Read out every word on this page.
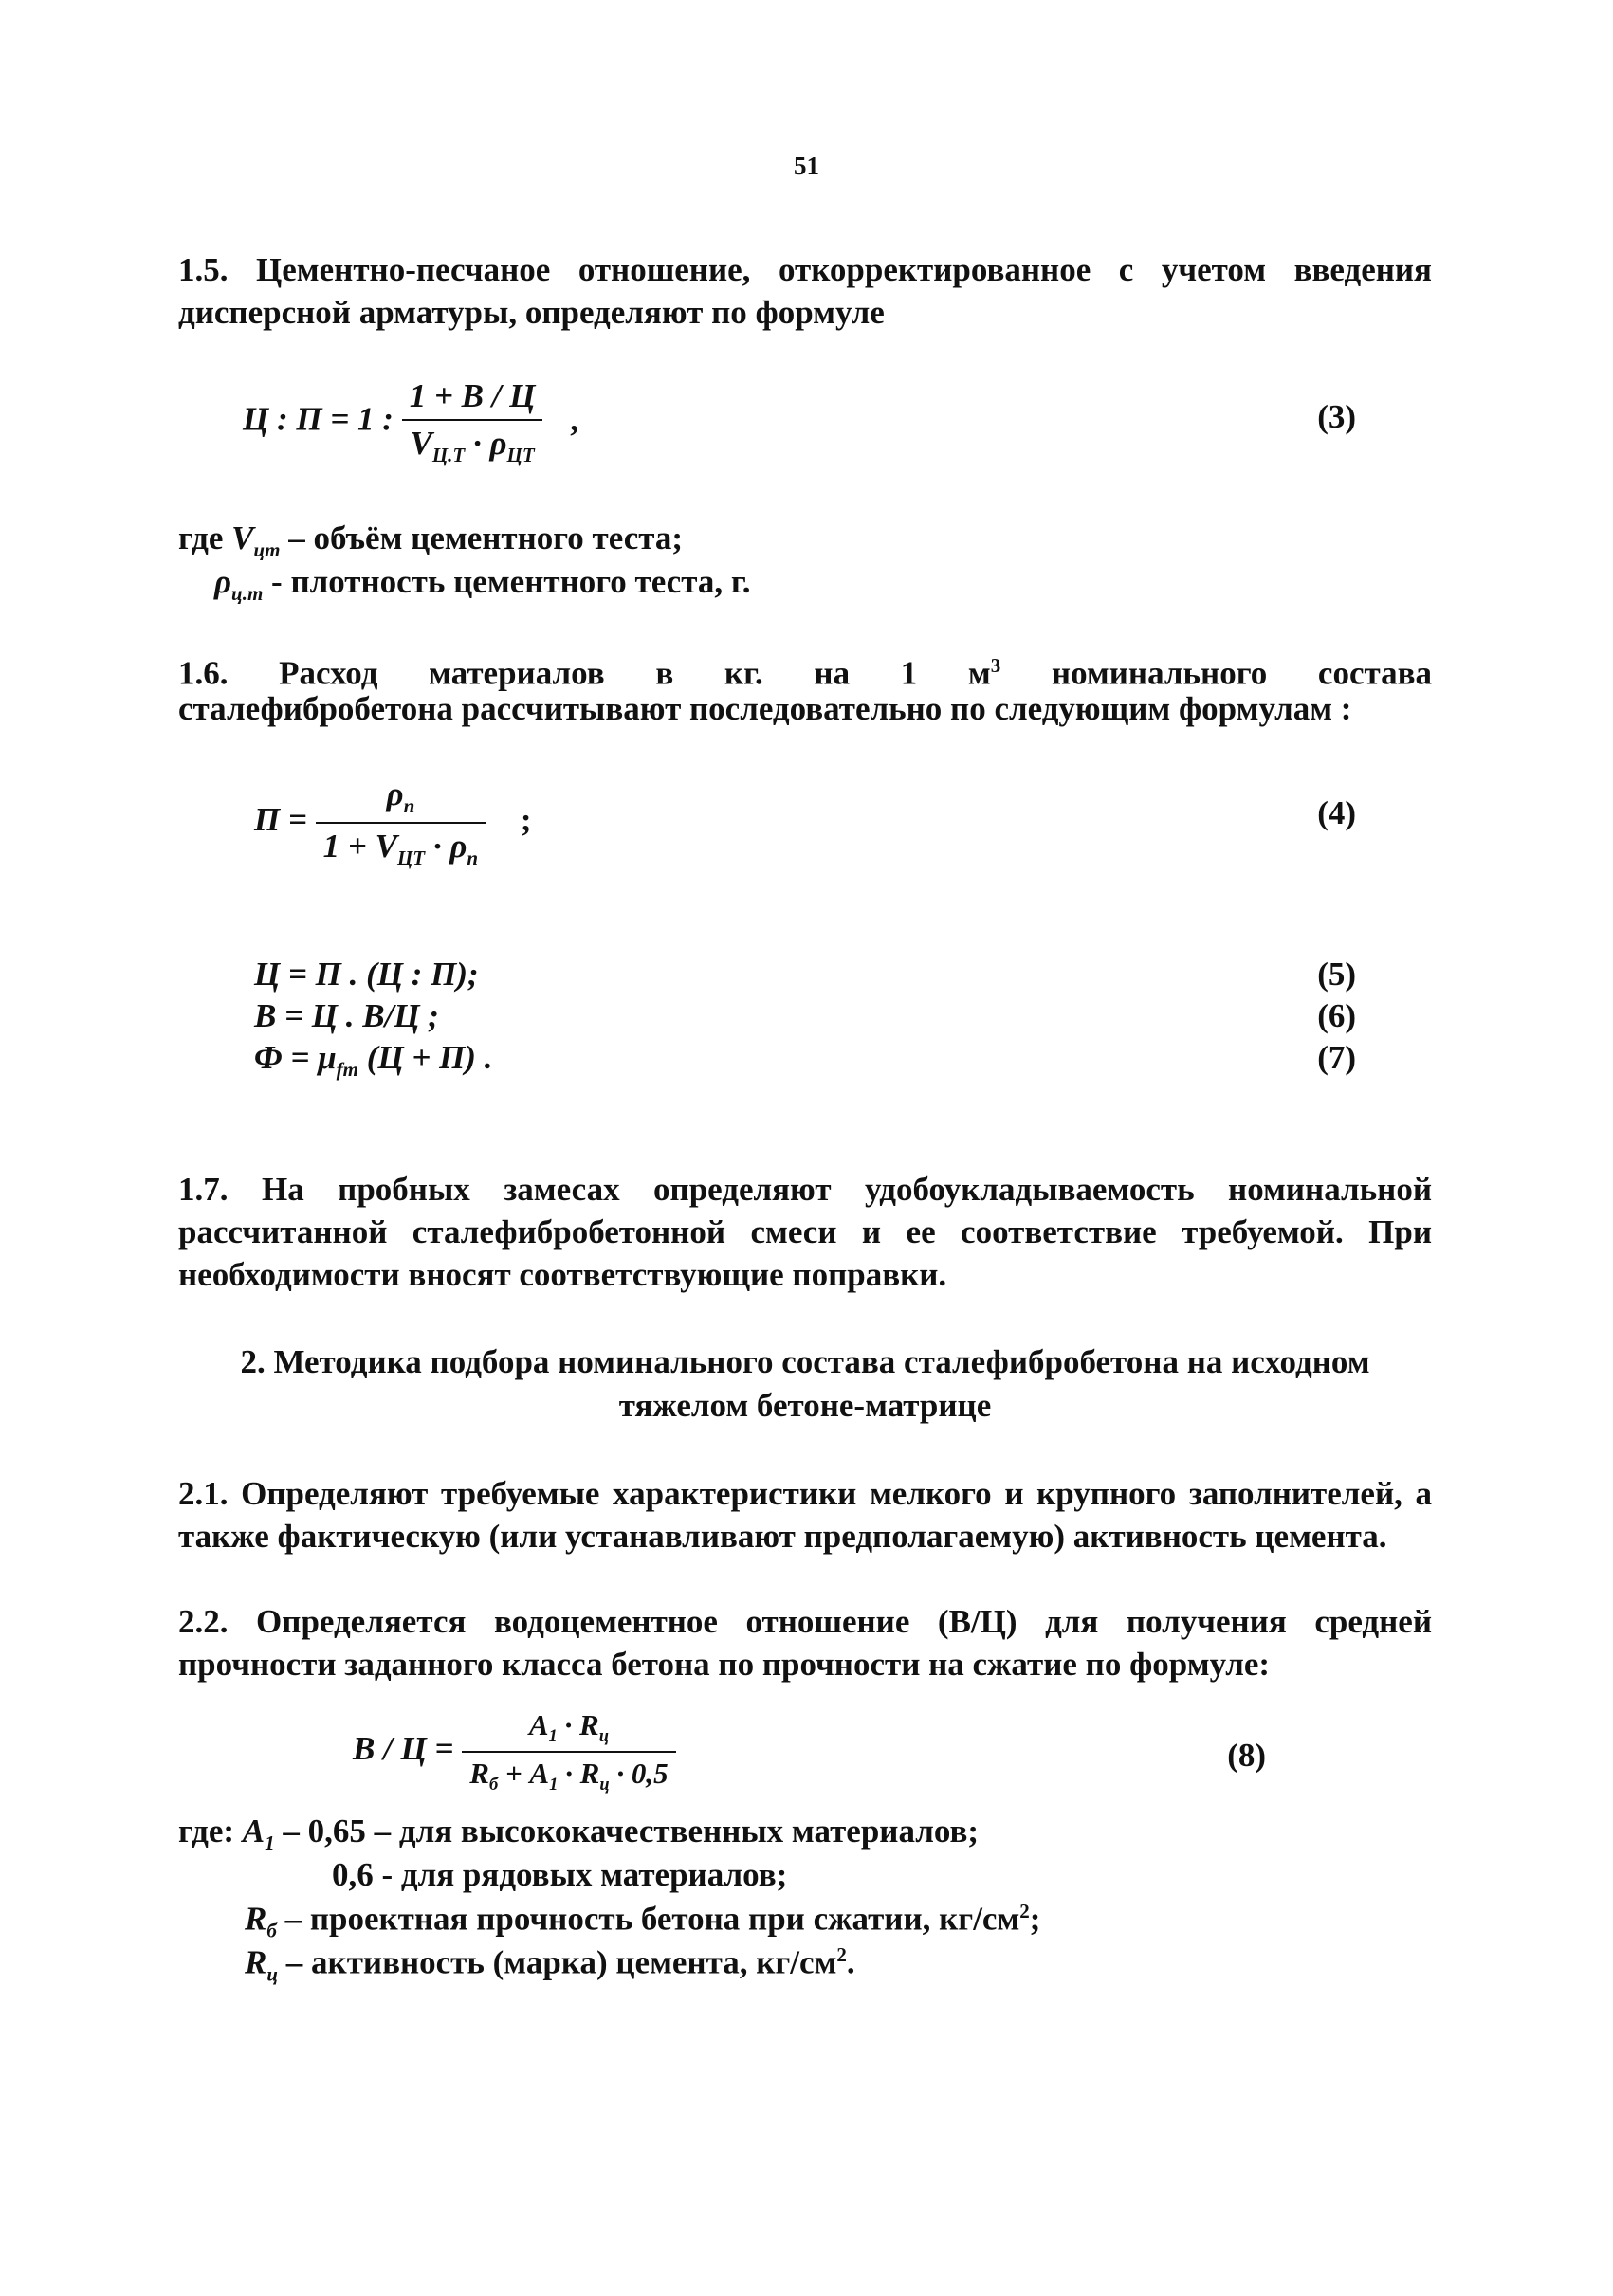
51
1.5. Цементно-песчаное отношение, откорректированное с учетом введения дисперсной арматуры, определяют по формуле
Ц : П = 1 : $\frac{1 + В / Ц}{V_{Ц.Т} \cdot \rho_{ЦТ}}$ ,	(3)
где $V_{цт}$ – объём цементного теста;
$\rho_{ц.т}$ - плотность цементного теста, г.
1.6. Расход материалов в кг. на 1 $м^3$ номинального состава
сталефибробетона рассчитывают последовательно по следующим формулам :
$П = \frac{\rho_п}{1 + V_{ЦТ} \cdot \rho_п}$ ;	(4)
Ц = П . (Ц : П);	(5)
В = Ц . В/Ц ;	(6)
$Ф = \mu_{fm}$ (Ц + П) .	(7)
1.7. На пробных замесах определяют удобоукладываемость номинальной рассчитанной сталефибробетонной смеси и ее соответствие требуемой. При необходимости вносят соответствующие поправки.
2. Методика подбора номинального состава сталефибробетона на исходном
тяжелом бетоне-матрице
2.1. Определяют требуемые характеристики мелкого и крупного заполнителей, а также фактическую (или устанавливают предполагаемую) активность цемента.
2.2. Определяется водоцементное отношение (В/Ц) для получения средней прочности заданного класса бетона по прочности на сжатие по формуле:
$В / Ц = \frac{A_1 \cdot R_ц}{R_б + A_1 \cdot R_ц \cdot 0,5}$	(8)
где: $A_1 - 0,65$ – для высококачественных материалов;
0,6 - для рядовых материалов;
$R_б$ – проектная прочность бетона при сжатии, $кг/см^2$;
$R_ц$ – активность (марка) цемента, $кг/см^2$.
